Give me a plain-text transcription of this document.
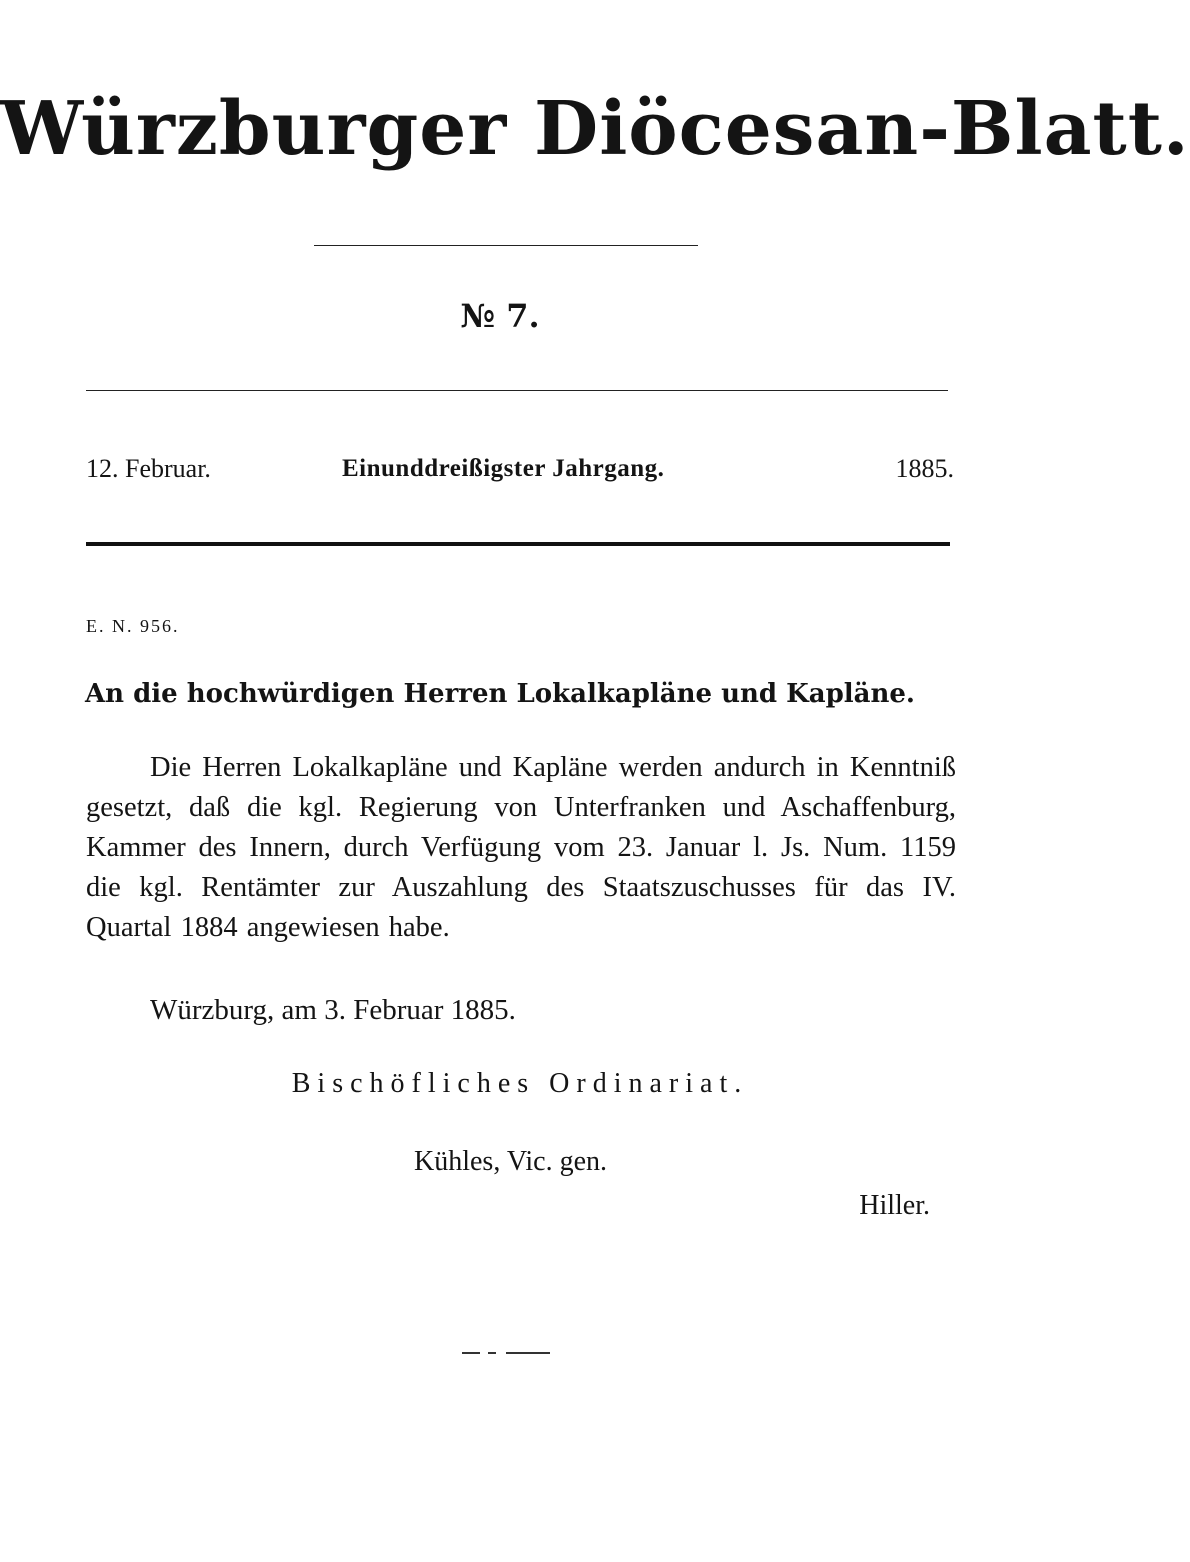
Würzburger Diöcesan-Blatt.
№ 7.
12. Februar.	Einunddreißigster Jahrgang.	1885.
E. N. 956.
An die hochwürdigen Herren Lokalkapläne und Kapläne.
Die Herren Lokalkapläne und Kapläne werden andurch in Kenntniß gesetzt, daß die kgl. Regierung von Unterfranken und Aschaffenburg, Kammer des Innern, durch Verfügung vom 23. Januar l. Js. Num. 1159 die kgl. Rentämter zur Auszahlung des Staatszuschusses für das IV. Quartal 1884 angewiesen habe.
Würzburg, am 3. Februar 1885.
Bischöfliches Ordinariat.
Kühles, Vic. gen.
Hiller.
